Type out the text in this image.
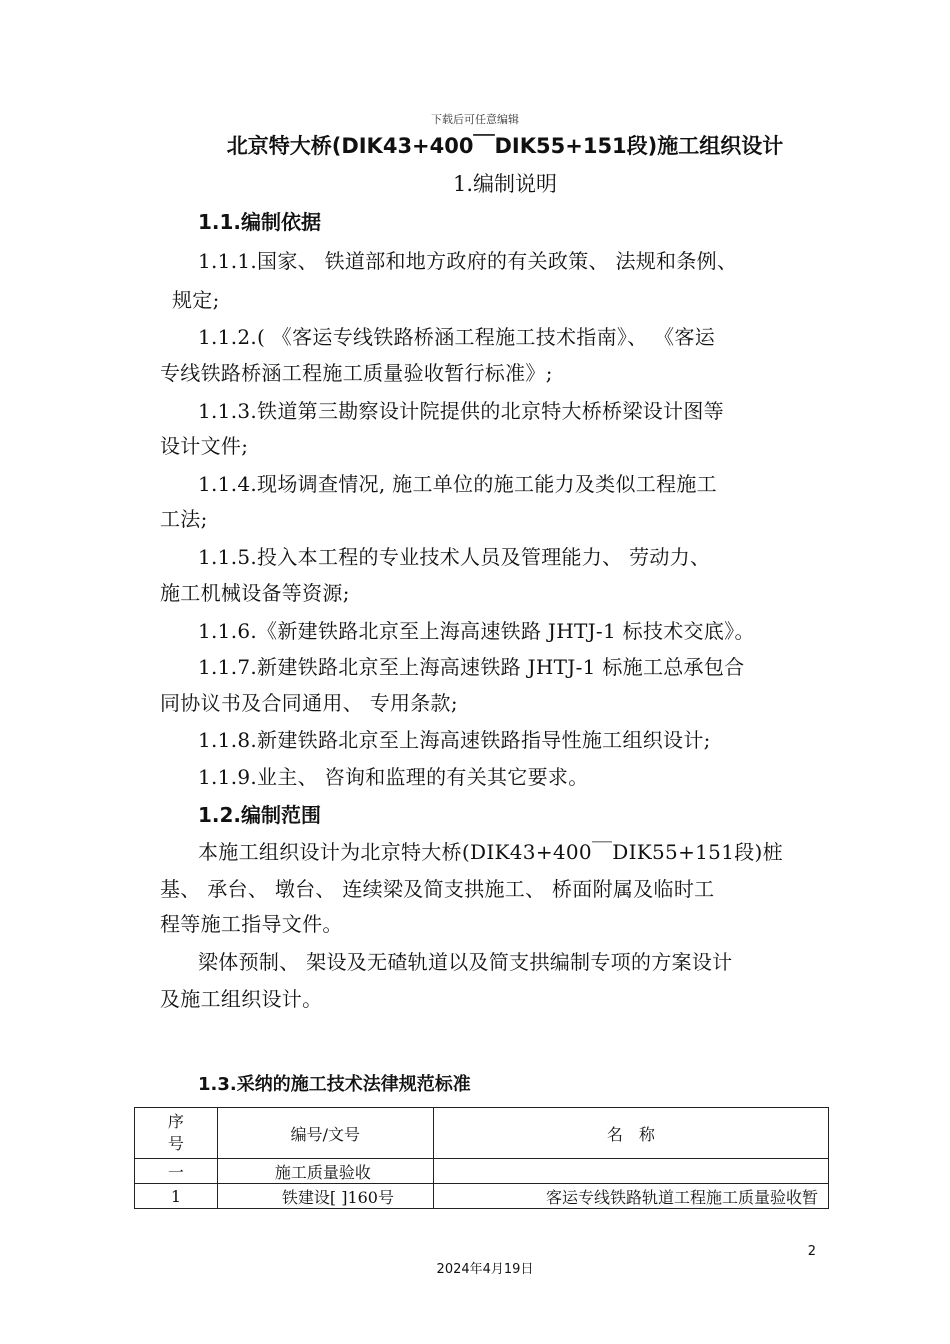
下载后可任意编辑
北京特大桥(DIK43+400￣DIK55+151段)施工组织设计
1.编制说明
1.1.编制依据
1.1.1.国家、 铁道部和地方政府的有关政策、 法规和条例、
规定;
1.1.2.( 《客运专线铁路桥涵工程施工技术指南》、 《客运
专线铁路桥涵工程施工质量验收暂行标准》;
1.1.3.铁道第三勘察设计院提供的北京特大桥桥梁设计图等
设计文件;
1.1.4.现场调查情况, 施工单位的施工能力及类似工程施工
工法;
1.1.5.投入本工程的专业技术人员及管理能力、 劳动力、
施工机械设备等资源;
1.1.6.《新建铁路北京至上海高速铁路 JHTJ-1 标技术交底》。
1.1.7.新建铁路北京至上海高速铁路 JHTJ-1 标施工总承包合
同协议书及合同通用、 专用条款;
1.1.8.新建铁路北京至上海高速铁路指导性施工组织设计;
1.1.9.业主、 咨询和监理的有关其它要求。
1.2.编制范围
本施工组织设计为北京特大桥(DIK43+400￣DIK55+151段)桩
基、 承台、 墩台、 连续梁及简支拱施工、 桥面附属及临时工
程等施工指导文件。
梁体预制、 架设及无碴轨道以及简支拱编制专项的方案设计
及施工组织设计。
1.3.采纳的施工技术法律规范标准
序
号	编号/文号	名　称
一	施工质量验收	
1	铁建设[ ]160号	客运专线铁路轨道工程施工质量验收暂
2
2024年4月19日
